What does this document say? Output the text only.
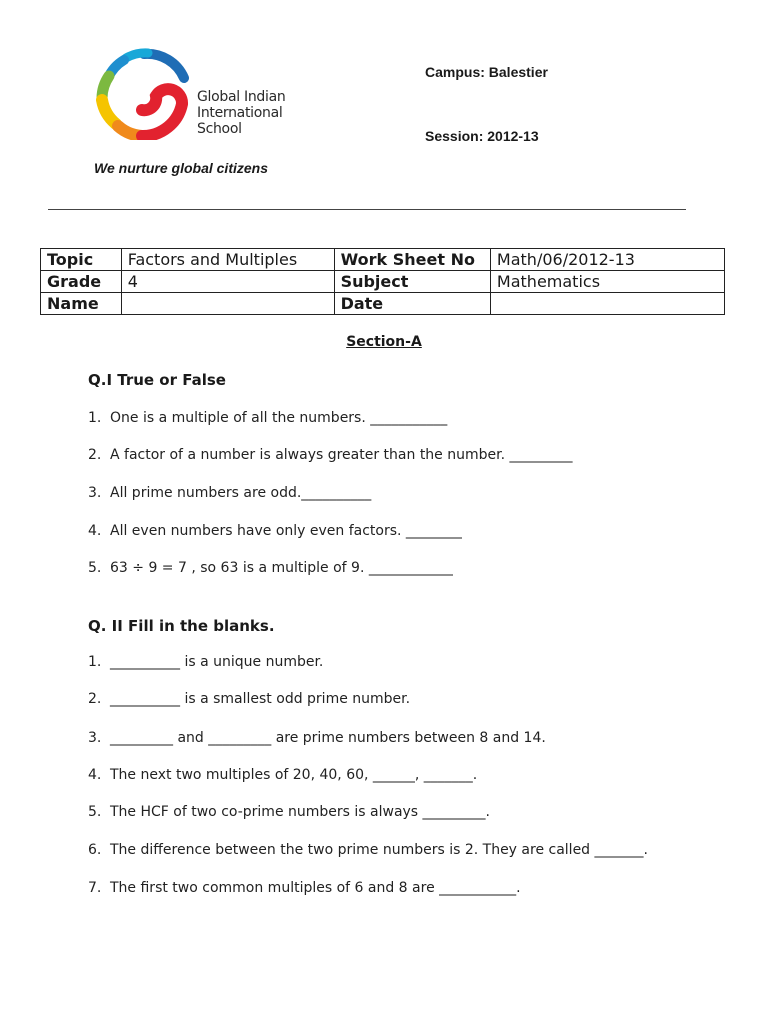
Global Indian
International
School
We nurture global citizens
Campus: Balestier
Session: 2012-13
Topic	Factors and Multiples	Work Sheet No	Math/06/2012-13
Grade	4	Subject	Mathematics
Name		Date	
Section-A
Q.I True or False
1. One is a multiple of all the numbers. ___________
2. A factor of a number is always greater than the number. _________
3. All prime numbers are odd.__________
4. All even numbers have only even factors. ________
5. 63 ÷ 9 = 7 , so 63 is a multiple of 9. ____________
Q. II Fill in the blanks.
1. __________ is a unique number.
2. __________ is a smallest odd prime number.
3. _________ and _________ are prime numbers between 8 and 14.
4. The next two multiples of 20, 40, 60, ______, _______.
5. The HCF of two co-prime numbers is always _________.
6. The difference between the two prime numbers is 2. They are called _______.
7. The first two common multiples of 6 and 8 are ___________.
